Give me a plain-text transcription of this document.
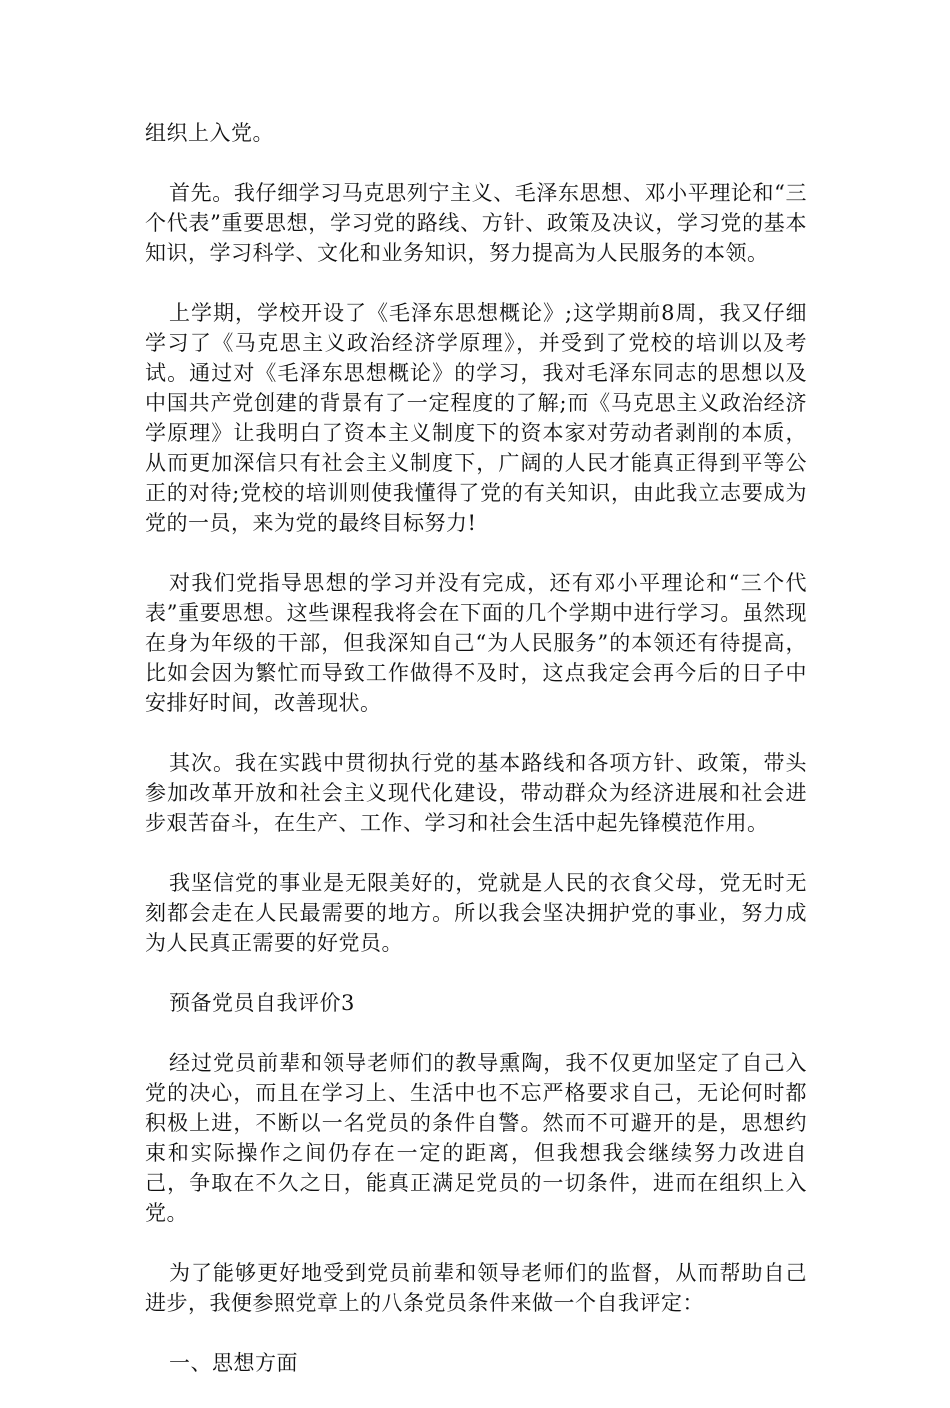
组织上入党。

首先。我仔细学习马克思列宁主义、毛泽东思想、邓小平理论和“三个代表”重要思想，学习党的路线、方针、政策及决议，学习党的基本知识，学习科学、文化和业务知识，努力提高为人民服务的本领。

上学期，学校开设了《毛泽东思想概论》;这学期前8周，我又仔细学习了《马克思主义政治经济学原理》，并受到了党校的培训以及考试。通过对《毛泽东思想概论》的学习，我对毛泽东同志的思想以及中国共产党创建的背景有了一定程度的了解;而《马克思主义政治经济学原理》让我明白了资本主义制度下的资本家对劳动者剥削的本质，从而更加深信只有社会主义制度下，广阔的人民才能真正得到平等公正的对待;党校的培训则使我懂得了党的有关知识，由此我立志要成为党的一员，来为党的最终目标努力!

对我们党指导思想的学习并没有完成，还有邓小平理论和“三个代表”重要思想。这些课程我将会在下面的几个学期中进行学习。虽然现在身为年级的干部，但我深知自己“为人民服务”的本领还有待提高，比如会因为繁忙而导致工作做得不及时，这点我定会再今后的日子中安排好时间，改善现状。

其次。我在实践中贯彻执行党的基本路线和各项方针、政策，带头参加改革开放和社会主义现代化建设，带动群众为经济进展和社会进步艰苦奋斗，在生产、工作、学习和社会生活中起先锋模范作用。

我坚信党的事业是无限美好的，党就是人民的衣食父母，党无时无刻都会走在人民最需要的地方。所以我会坚决拥护党的事业，努力成为人民真正需要的好党员。

预备党员自我评价3

经过党员前辈和领导老师们的教导熏陶，我不仅更加坚定了自己入党的决心，而且在学习上、生活中也不忘严格要求自己，无论何时都积极上进，不断以一名党员的条件自警。然而不可避开的是，思想约束和实际操作之间仍存在一定的距离，但我想我会继续努力改进自己，争取在不久之日，能真正满足党员的一切条件，进而在组织上入党。

为了能够更好地受到党员前辈和领导老师们的监督，从而帮助自己进步，我便参照党章上的八条党员条件来做一个自我评定：

一、思想方面
